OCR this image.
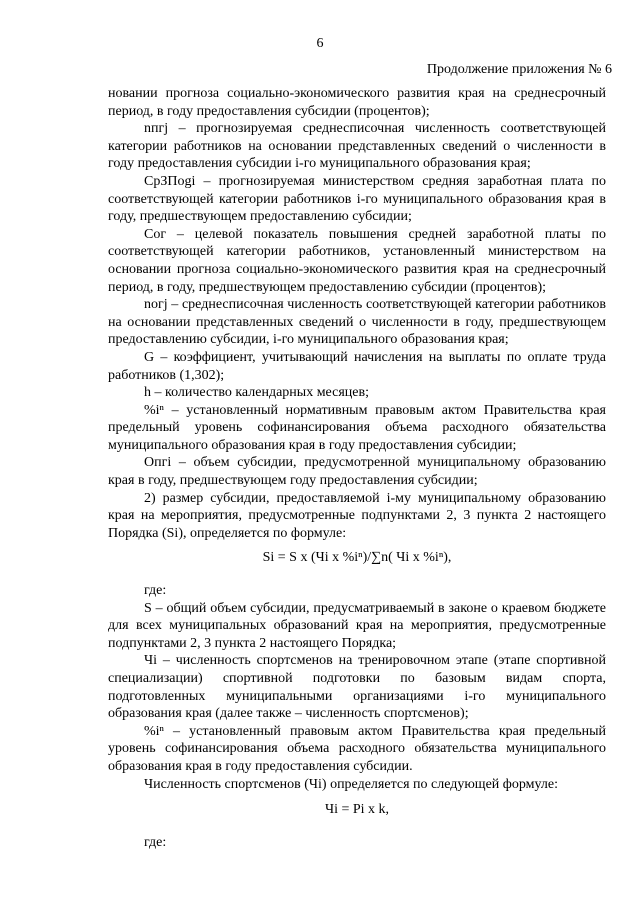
6
Продолжение приложения № 6

новании прогноза социально-экономического развития края на среднесрочный период, в году предоставления субсидии (процентов);

nпгj – прогнозируемая среднесписочная численность соответствующей категории работников на основании представленных сведений о численности в году предоставления субсидии i-го муниципального образования края;

СрЗПоgi – прогнозируемая министерством средняя заработная плата по соответствующей категории работников i-го муниципального образования края в году, предшествующем предоставлению субсидии;

Сог – целевой показатель повышения средней заработной платы по соответствующей категории работников, установленный министерством на основании прогноза социально-экономического развития края на среднесрочный период, в году, предшествующем предоставлению субсидии (процентов);

nогj – среднесписочная численность соответствующей категории работников на основании представленных сведений о численности в году, предшествующем предоставлению субсидии, i-го муниципального образования края;

G – коэффициент, учитывающий начисления на выплаты по оплате труда работников (1,302);

h – количество календарных месяцев;

%iⁿ – установленный нормативным правовым актом Правительства края предельный уровень софинансирования объема расходного обязательства муниципального образования края в году предоставления субсидии;

Опгi – объем субсидии, предусмотренной муниципальному образованию края в году, предшествующем году предоставления субсидии;

2) размер субсидии, предоставляемой i-му муниципальному образованию края на мероприятия, предусмотренные подпунктами 2, 3 пункта 2 настоящего Порядка (Si), определяется по формуле:

Si = S x (Чi x %iⁿ)/∑n( Чi x %iⁿ),

где:

S – общий объем субсидии, предусматриваемый в законе о краевом бюджете для всех муниципальных образований края на мероприятия, предусмотренные подпунктами 2, 3 пункта 2 настоящего Порядка;

Чi – численность спортсменов на тренировочном этапе (этапе спортивной специализации) спортивной подготовки по базовым видам спорта, подготовленных муниципальными организациями i-го муниципального образования края (далее также – численность спортсменов);

%iⁿ – установленный правовым актом Правительства края предельный уровень софинансирования объема расходного обязательства муниципального образования края в году предоставления субсидии.

Численность спортсменов (Чi) определяется по следующей формуле:

Чi = Pi x k,

где:
